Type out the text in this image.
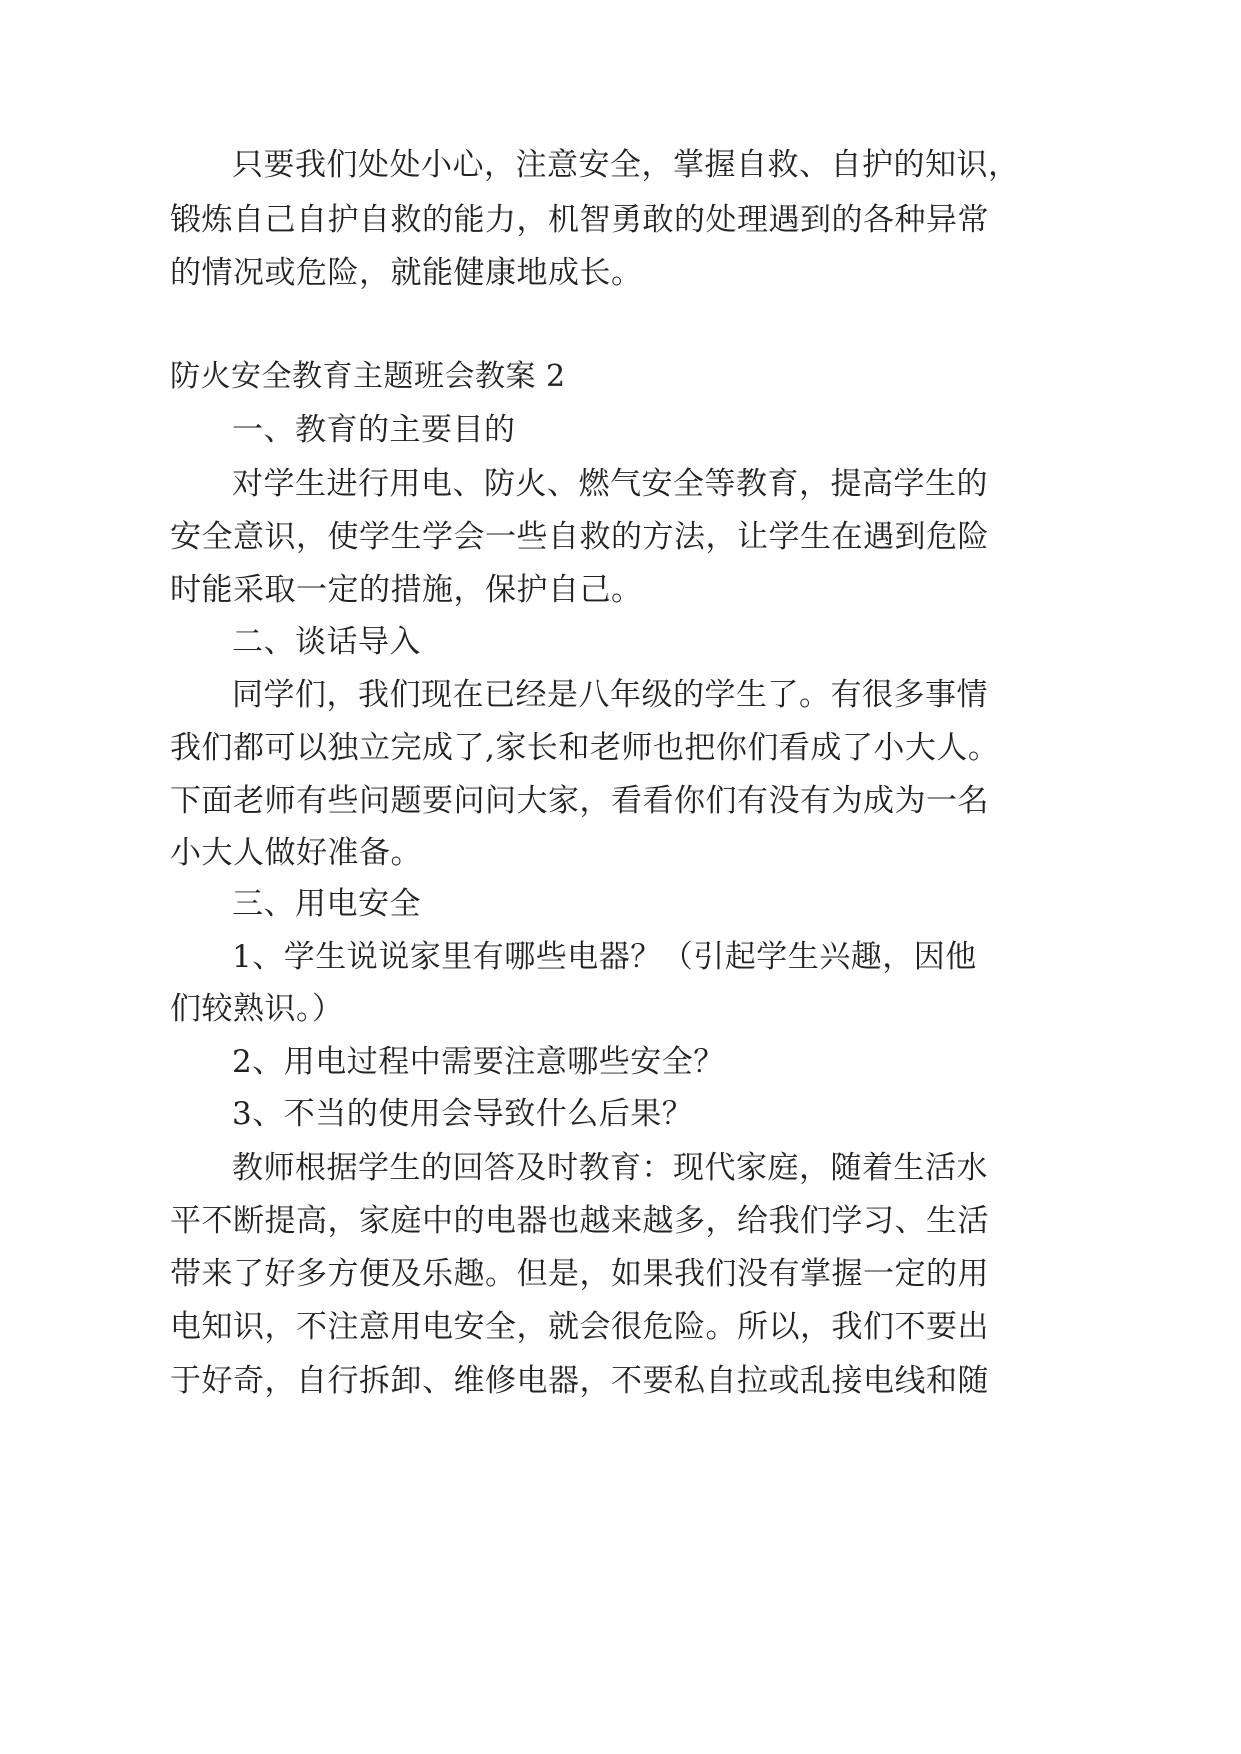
只要我们处处小心，注意安全，掌握自救、自护的知识，
锻炼自己自护自救的能力，机智勇敢的处理遇到的各种异常
的情况或危险，就能健康地成长。
防火安全教育主题班会教案 2
一、教育的主要目的
对学生进行用电、防火、燃气安全等教育，提高学生的
安全意识，使学生学会一些自救的方法，让学生在遇到危险
时能采取一定的措施，保护自己。
二、谈话导入
同学们，我们现在已经是八年级的学生了。有很多事情
我们都可以独立完成了,家长和老师也把你们看成了小大人。
下面老师有些问题要问问大家，看看你们有没有为成为一名
小大人做好准备。
三、用电安全
1、学生说说家里有哪些电器？（引起学生兴趣，因他
们较熟识。）
2、用电过程中需要注意哪些安全？
3、不当的使用会导致什么后果？
教师根据学生的回答及时教育：现代家庭，随着生活水
平不断提高，家庭中的电器也越来越多，给我们学习、生活
带来了好多方便及乐趣。但是，如果我们没有掌握一定的用
电知识，不注意用电安全，就会很危险。所以，我们不要出
于好奇，自行拆卸、维修电器，不要私自拉或乱接电线和随
